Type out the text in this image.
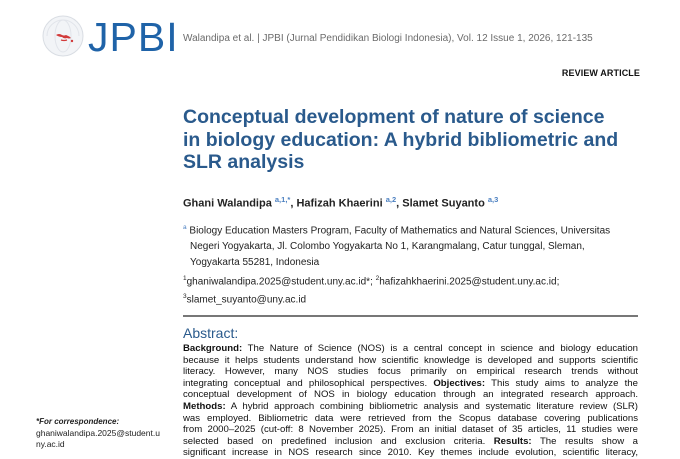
JPBI Walandipa et al. | JPBI (Jurnal Pendidikan Biologi Indonesia), Vol. 12 Issue 1, 2026, 121-135
REVIEW ARTICLE
Conceptual development of nature of science in biology education: A hybrid bibliometric and SLR analysis
Ghani Walandipa $^{a,1,*}$, Hafizah Khaerini $^{a,2}$, Slamet Suyanto $^{a,3}$
$^a$ Biology Education Masters Program, Faculty of Mathematics and Natural Sciences, Universitas
Negeri Yogyakarta, Jl. Colombo Yogyakarta No 1, Karangmalang, Catur tunggal, Sleman,
Yogyakarta 55281, Indonesia
$^1$ghaniwalandipa.2025@student.uny.ac.id*; $^2$hafizahkhaerini.2025@student.uny.ac.id;
$^3$slamet_suyanto@uny.ac.id
*For correspondence:
ghaniwalandipa.2025@student.uny.ac.id
Abstract:
Background: The Nature of Science (NOS) is a central concept in science and biology education
because it helps students understand how scientific knowledge is developed and supports scientific
literacy. However, many NOS studies focus primarily on empirical research trends without
integrating conceptual and philosophical perspectives. Objectives: This study aims to analyze the
conceptual development of NOS in biology education through an integrated research approach.
Methods: A hybrid approach combining bibliometric analysis and systematic literature review (SLR)
was employed. Bibliometric data were retrieved from the Scopus database covering publications
from 2000–2025 (cut-off: 8 November 2025). From an initial dataset of 35 articles, 11 studies were
selected based on predefined inclusion and exclusion criteria. Results: The results show a
significant increase in NOS research since 2010. Key themes include evolution, scientific literacy,
